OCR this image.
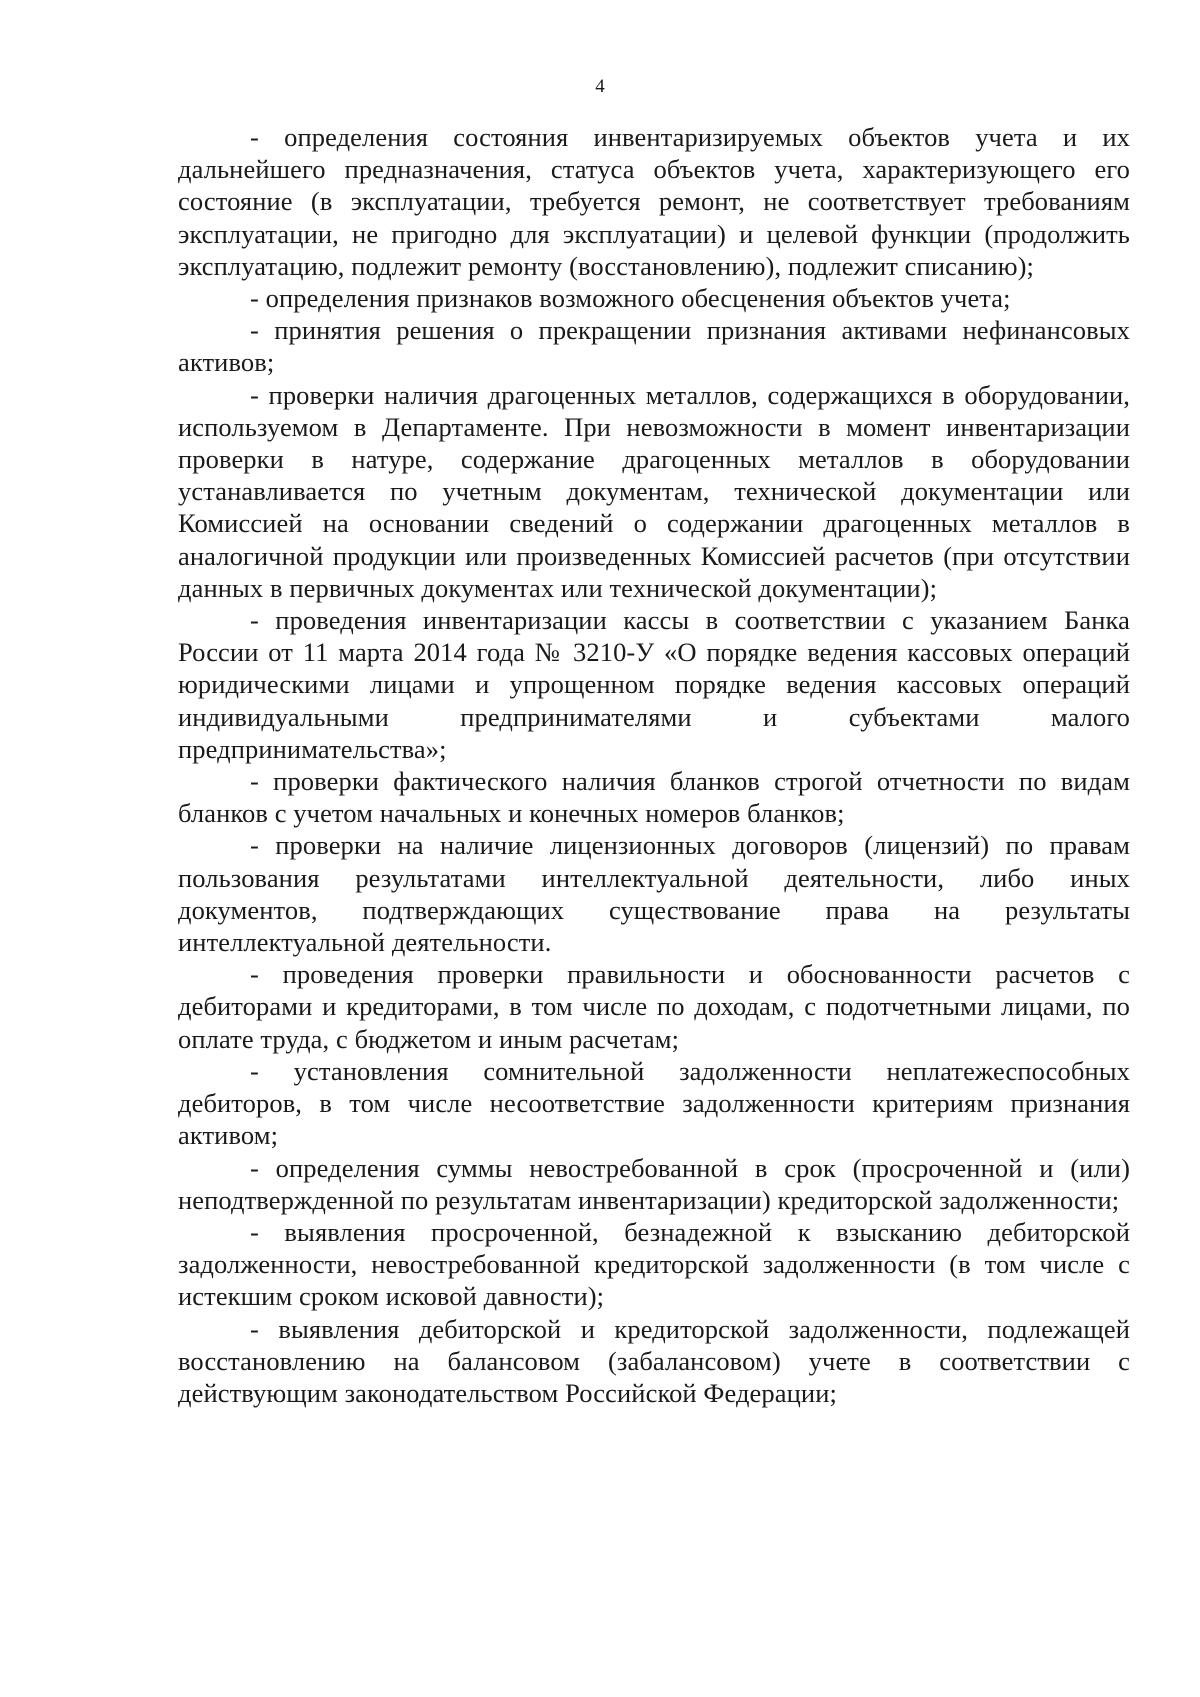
4

- определения состояния инвентаризируемых объектов учета и их дальнейшего предназначения, статуса объектов учета, характеризующего его состояние (в эксплуатации, требуется ремонт, не соответствует требованиям эксплуатации, не пригодно для эксплуатации) и целевой функции (продолжить эксплуатацию, подлежит ремонту (восстановлению), подлежит списанию);

- определения признаков возможного обесценения объектов учета;

- принятия решения о прекращении признания активами нефинансовых активов;

- проверки наличия драгоценных металлов, содержащихся в оборудовании, используемом в Департаменте. При невозможности в момент инвентаризации проверки в натуре, содержание драгоценных металлов в оборудовании устанавливается по учетным документам, технической документации или Комиссией на основании сведений о содержании драгоценных металлов в аналогичной продукции или произведенных Комиссией расчетов (при отсутствии данных в первичных документах или технической документации);

- проведения инвентаризации кассы в соответствии с указанием Банка России от 11 марта 2014 года № 3210-У «О порядке ведения кассовых операций юридическими лицами и упрощенном порядке ведения кассовых операций индивидуальными предпринимателями и субъектами малого предпринимательства»;

- проверки фактического наличия бланков строгой отчетности по видам бланков с учетом начальных и конечных номеров бланков;

- проверки на наличие лицензионных договоров (лицензий) по правам пользования результатами интеллектуальной деятельности, либо иных документов, подтверждающих существование права на результаты интеллектуальной деятельности.

- проведения проверки правильности и обоснованности расчетов с дебиторами и кредиторами, в том числе по доходам, с подотчетными лицами, по оплате труда, с бюджетом и иным расчетам;

- установления сомнительной задолженности неплатежеспособных дебиторов, в том числе несоответствие задолженности критериям признания активом;

- определения суммы невостребованной в срок (просроченной и (или) неподтвержденной по результатам инвентаризации) кредиторской задолженности;

- выявления просроченной, безнадежной к взысканию дебиторской задолженности, невостребованной кредиторской задолженности (в том числе с истекшим сроком исковой давности);

- выявления дебиторской и кредиторской задолженности, подлежащей восстановлению на балансовом (забалансовом) учете в соответствии с действующим законодательством Российской Федерации;
